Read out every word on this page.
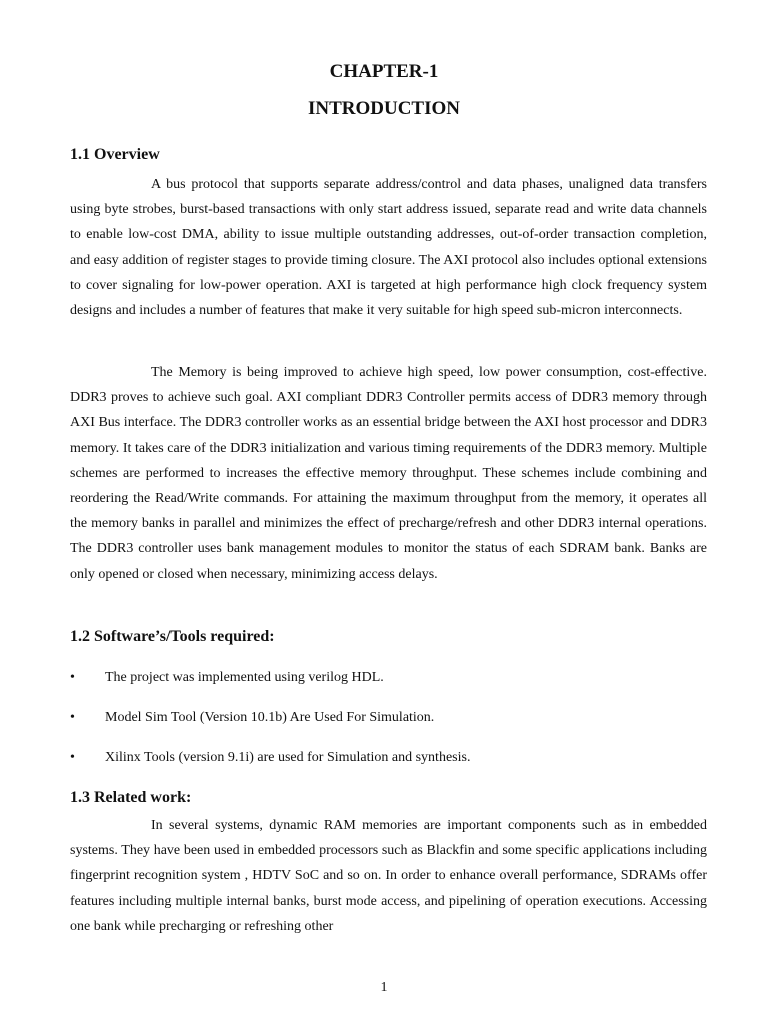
CHAPTER-1
INTRODUCTION
1.1 Overview

A bus protocol that supports separate address/control and data phases, unaligned data transfers using byte strobes, burst-based transactions with only start address issued, separate read and write data channels to enable low-cost DMA, ability to issue multiple outstanding addresses, out-of-order transaction completion, and easy addition of register stages to provide timing closure. The AXI protocol also includes optional extensions to cover signaling for low-power operation. AXI is targeted at high performance high clock frequency system designs and includes a number of features that make it very suitable for high speed sub-micron interconnects.

The Memory is being improved to achieve high speed, low power consumption, cost-effective. DDR3 proves to achieve such goal. AXI compliant DDR3 Controller permits access of DDR3 memory through AXI Bus interface. The DDR3 controller works as an essential bridge between the AXI host processor and DDR3 memory. It takes care of the DDR3 initialization and various timing requirements of the DDR3 memory. Multiple schemes are performed to increases the effective memory throughput. These schemes include combining and reordering the Read/Write commands. For attaining the maximum throughput from the memory, it operates all the memory banks in parallel and minimizes the effect of precharge/refresh and other DDR3 internal operations. The DDR3 controller uses bank management modules to monitor the status of each SDRAM bank. Banks are only opened or closed when necessary, minimizing access delays.

1.2 Software’s/Tools required:
•	The project was implemented using verilog HDL.
•	Model Sim Tool (Version 10.1b) Are Used For Simulation.
•	Xilinx Tools (version 9.1i) are used for Simulation and synthesis.
1.3 Related work:

In several systems, dynamic RAM memories are important components such as in embedded systems. They have been used in embedded processors such as Blackfin and some specific applications including fingerprint recognition system , HDTV SoC and so on. In order to enhance overall performance, SDRAMs offer features including multiple internal banks, burst mode access, and pipelining of operation executions. Accessing one bank while precharging or refreshing other

1
